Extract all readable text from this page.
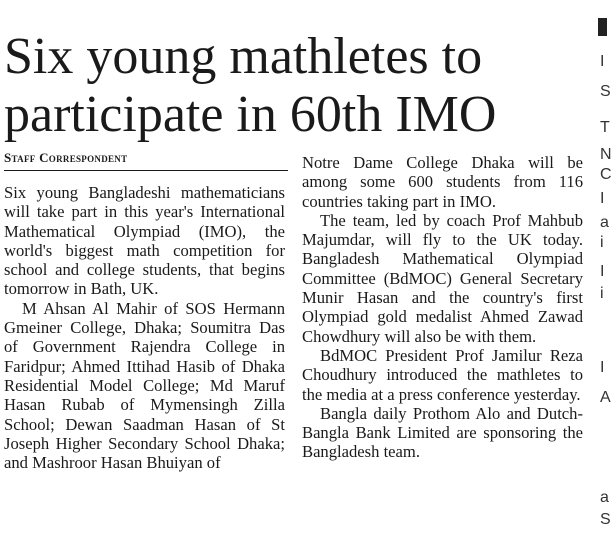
Six young mathletes to participate in 60th IMO
Staff Correspondent

Six young Bangladeshi mathematicians will take part in this year's International Mathematical Olympiad (IMO), the world's biggest math competition for school and college students, that begins tomorrow in Bath, UK.

M Ahsan Al Mahir of SOS Hermann Gmeiner College, Dhaka; Soumitra Das of Government Rajendra College in Faridpur; Ahmed Ittihad Hasib of Dhaka Residential Model College; Md Maruf Hasan Rubab of Mymensingh Zilla School; Dewan Saadman Hasan of St Joseph Higher Secondary School Dhaka; and Mashroor Hasan Bhuiyan of

Notre Dame College Dhaka will be among some 600 students from 116 countries taking part in IMO.

The team, led by coach Prof Mahbub Majumdar, will fly to the UK today. Bangladesh Mathematical Olympiad Committee (BdMOC) General Secretary Munir Hasan and the country's first Olympiad gold medalist Ahmed Zawad Chowdhury will also be with them.

BdMOC President Prof Jamilur Reza Choudhury introduced the mathletes to the media at a press conference yesterday.

Bangla daily Prothom Alo and Dutch-Bangla Bank Limited are sponsoring the Bangladesh team.

I
S
T
N
C
I
a
i
I
i
I
A
a
S
